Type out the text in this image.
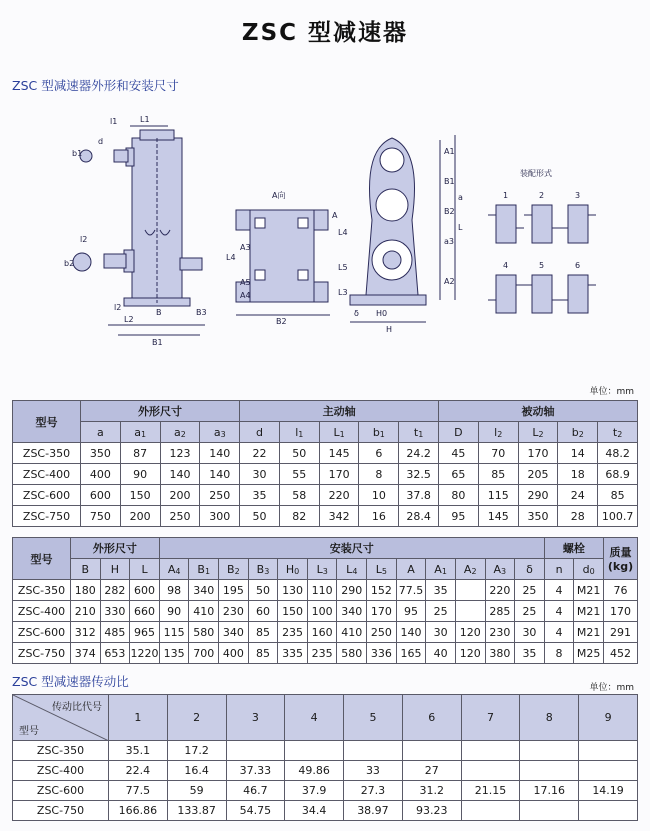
ZSC 型减速器
ZSC 型减速器外形和安装尺寸
A向
装配形式
1	2	3
4	5	6
L1
l1
b1
d
l2
b2
L2
B1
B
l2
B3
A1
B1
B2
a
a3
L
A2
L4
L5
H0
H
δ
A
L3
A3
L4
A5
A4
B2
单位：mm
型号	外形尺寸				主动轴					被动轴				
	a	$a_1$	$a_2$	$a_3$	d	$l_1$	$L_1$	$b_1$	$t_1$	D	$l_2$	$L_2$	$b_2$	$t_2$
ZSC-350	350	87	123	140	22	50	145	6	24.2	45	70	170	14	48.2
ZSC-400	400	90	140	140	30	55	170	8	32.5	65	85	205	18	68.9
ZSC-600	600	150	200	250	35	58	220	10	37.8	80	115	290	24	85
ZSC-750	750	200	250	300	50	82	342	16	28.4	95	145	350	28	100.7
型号	外形尺寸			安装尺寸													螺栓		质量
(kg)
	B	H	L	$A_4$	$B_1$	$B_2$	$B_3$	$H_0$	$L_3$	$L_4$	$L_5$	A	$A_1$	$A_2$	$A_3$	δ	n	$d_0$
ZSC-350	180	282	600	98	340	195	50	130	110	290	152	77.5	35		220	25	4	M21	76
ZSC-400	210	330	660	90	410	230	60	150	100	340	170	95	25		285	25	4	M21	170
ZSC-600	312	485	965	115	580	340	85	235	160	410	250	140	30	120	230	30	4	M21	291
ZSC-750	374	653	1220	135	700	400	85	335	235	580	336	165	40	120	380	35	8	M25	452
ZSC 型减速器传动比	单位：mm
传动比代号
型号	1	2	3	4	5	6	7	8	9
ZSC-350	35.1	17.2							
ZSC-400	22.4	16.4	37.33	49.86	33	27			
ZSC-600	77.5	59	46.7	37.9	27.3	31.2	21.15	17.16	14.19
ZSC-750	166.86	133.87	54.75	34.4	38.97	93.23			
